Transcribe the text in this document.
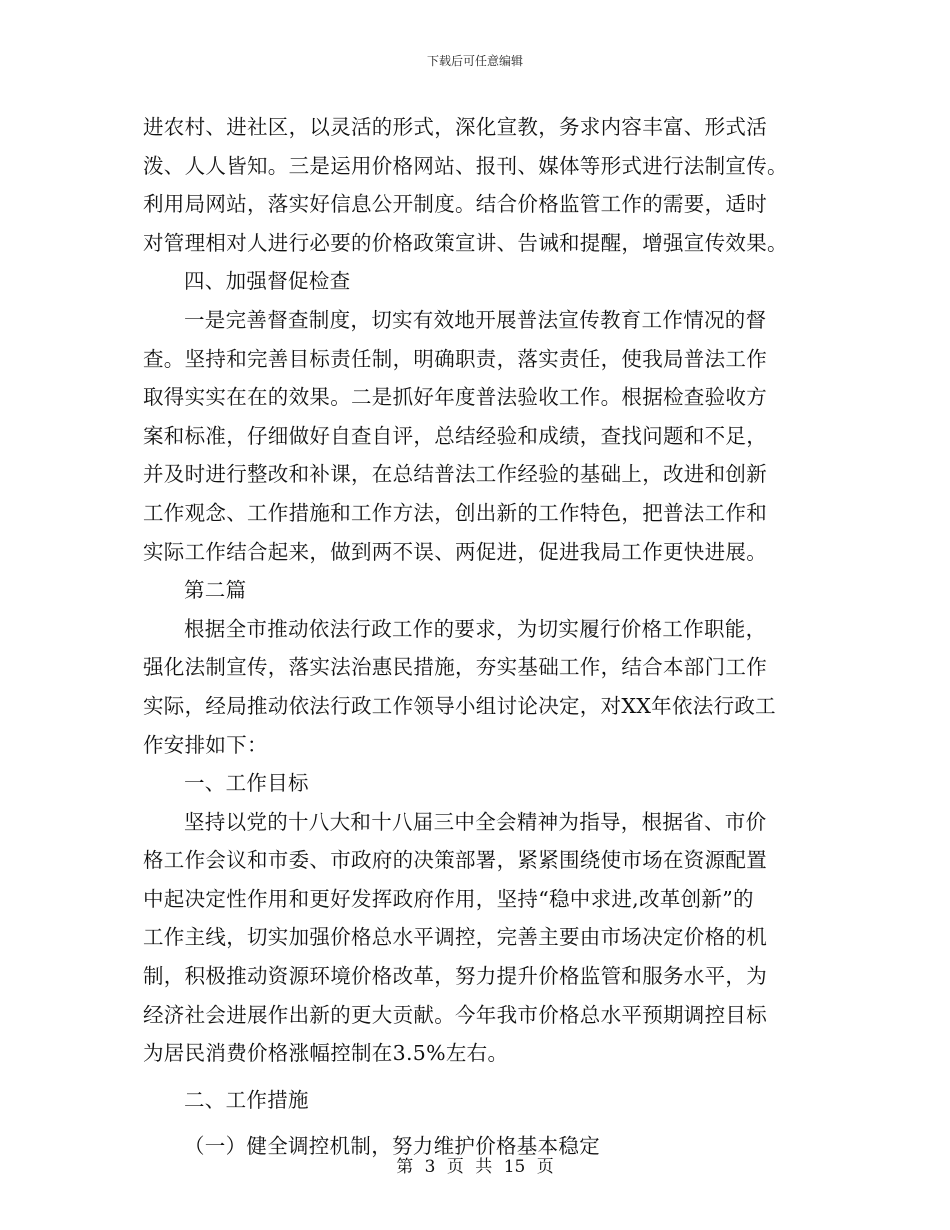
下载后可任意编辑
进农村、进社区，以灵活的形式，深化宣教，务求内容丰富、形式活
泼、人人皆知。三是运用价格网站、报刊、媒体等形式进行法制宣传。
利用局网站，落实好信息公开制度。结合价格监管工作的需要，适时
对管理相对人进行必要的价格政策宣讲、告诫和提醒，增强宣传效果。
四、加强督促检查
一是完善督查制度，切实有效地开展普法宣传教育工作情况的督
查。坚持和完善目标责任制，明确职责，落实责任，使我局普法工作
取得实实在在的效果。二是抓好年度普法验收工作。根据检查验收方
案和标准，仔细做好自查自评，总结经验和成绩，查找问题和不足，
并及时进行整改和补课，在总结普法工作经验的基础上，改进和创新
工作观念、工作措施和工作方法，创出新的工作特色，把普法工作和
实际工作结合起来，做到两不误、两促进，促进我局工作更快进展。
第二篇
根据全市推动依法行政工作的要求，为切实履行价格工作职能，
强化法制宣传，落实法治惠民措施，夯实基础工作，结合本部门工作
实际，经局推动依法行政工作领导小组讨论决定，对XX年依法行政工
作安排如下：
一、工作目标
坚持以党的十八大和十八届三中全会精神为指导，根据省、市价
格工作会议和市委、市政府的决策部署，紧紧围绕使市场在资源配置
中起决定性作用和更好发挥政府作用，坚持“稳中求进,改革创新”的
工作主线，切实加强价格总水平调控，完善主要由市场决定价格的机
制，积极推动资源环境价格改革，努力提升价格监管和服务水平，为
经济社会进展作出新的更大贡献。今年我市价格总水平预期调控目标
为居民消费价格涨幅控制在3.5%左右。
二、工作措施
（一）健全调控机制，努力维护价格基本稳定
第 3 页 共 15 页
